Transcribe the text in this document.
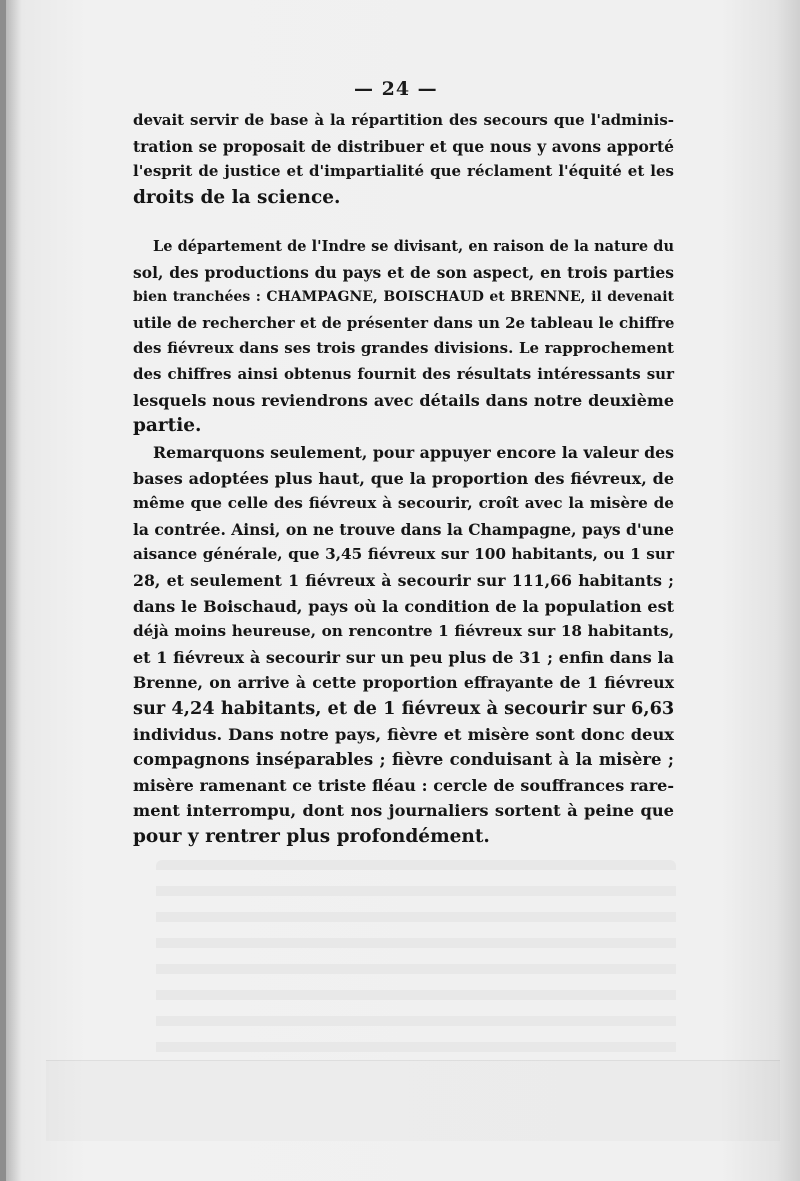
— 24 —
devait servir de base à la répartition des secours que l'adminis-
tration se proposait de distribuer et que nous y avons apporté
l'esprit de justice et d'impartialité que réclament l'équité et les
droits de la science.
Le département de l'Indre se divisant, en raison de la nature du
sol, des productions du pays et de son aspect, en trois parties
bien tranchées : CHAMPAGNE, BOISCHAUD et BRENNE, il devenait
utile de rechercher et de présenter dans un 2e tableau le chiffre
des fiévreux dans ses trois grandes divisions. Le rapprochement
des chiffres ainsi obtenus fournit des résultats intéressants sur
lesquels nous reviendrons avec détails dans notre deuxième
partie.
Remarquons seulement, pour appuyer encore la valeur des
bases adoptées plus haut, que la proportion des fiévreux, de
même que celle des fiévreux à secourir, croît avec la misère de
la contrée. Ainsi, on ne trouve dans la Champagne, pays d'une
aisance générale, que 3,45 fiévreux sur 100 habitants, ou 1 sur
28, et seulement 1 fiévreux à secourir sur 111,66 habitants ;
dans le Boischaud, pays où la condition de la population est
déjà moins heureuse, on rencontre 1 fiévreux sur 18 habitants,
et 1 fiévreux à secourir sur un peu plus de 31 ; enfin dans la
Brenne, on arrive à cette proportion effrayante de 1 fiévreux
sur 4,24 habitants, et de 1 fiévreux à secourir sur 6,63
individus. Dans notre pays, fièvre et misère sont donc deux
compagnons inséparables ; fièvre conduisant à la misère ;
misère ramenant ce triste fléau : cercle de souffrances rare-
ment interrompu, dont nos journaliers sortent à peine que
pour y rentrer plus profondément.
